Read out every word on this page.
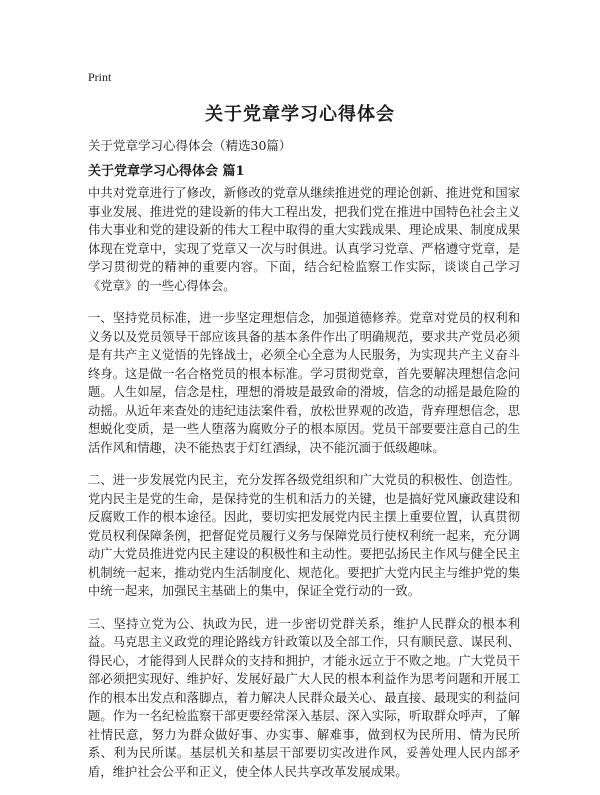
Print
关于党章学习心得体会

关于党章学习心得体会（精选30篇）

关于党章学习心得体会 篇1

中共对党章进行了修改，新修改的党章从继续推进党的理论创新、推进党和国家事业发展、推进党的建设新的伟大工程出发，把我们党在推进中国特色社会主义伟大事业和党的建设新的伟大工程中取得的重大实践成果、理论成果、制度成果体现在党章中，实现了党章又一次与时俱进。认真学习党章、严格遵守党章，是学习贯彻党的精神的重要内容。下面，结合纪检监察工作实际，谈谈自己学习《党章》的一些心得体会。

一、坚持党员标准，进一步坚定理想信念，加强道德修养。党章对党员的权利和义务以及党员领导干部应该具备的基本条件作出了明确规范，要求共产党员必须是有共产主义觉悟的先锋战士，必须全心全意为人民服务，为实现共产主义奋斗终身。这是做一名合格党员的根本标准。学习贯彻党章，首先要解决理想信念问题。人生如屋，信念是柱，理想的滑坡是最致命的滑坡，信念的动摇是最危险的动摇。从近年来查处的违纪违法案件看，放松世界观的改造，背弃理想信念，思想蜕化变质，是一些人堕落为腐败分子的根本原因。党员干部要要注意自己的生活作风和情趣，决不能热衷于灯红酒绿，决不能沉湎于低级趣味。

二、进一步发展党内民主，充分发挥各级党组织和广大党员的积极性、创造性。党内民主是党的生命，是保持党的生机和活力的关键，也是搞好党风廉政建设和反腐败工作的根本途径。因此，要切实把发展党内民主摆上重要位置，认真贯彻党员权利保障条例，把督促党员履行义务与保障党员行使权利统一起来，充分调动广大党员推进党内民主建设的积极性和主动性。要把弘扬民主作风与健全民主机制统一起来，推动党内生活制度化、规范化。要把扩大党内民主与维护党的集中统一起来，加强民主基础上的集中，保证全党行动的一致。

三、坚持立党为公、执政为民，进一步密切党群关系，维护人民群众的根本利益。马克思主义政党的理论路线方针政策以及全部工作，只有顺民意、谋民利、得民心，才能得到人民群众的支持和拥护，才能永远立于不败之地。广大党员干部必须把实现好、维护好、发展好最广大人民的根本利益作为思考问题和开展工作的根本出发点和落脚点，着力解决人民群众最关心、最直接、最现实的利益问题。作为一名纪检监察干部更要经常深入基层、深入实际，听取群众呼声，了解社情民意，努力为群众做好事、办实事、解难事，做到权为民所用、情为民所系、利为民所谋。基层机关和基层干部要切实改进作风，妥善处理人民内部矛盾，维护社会公平和正义，使全体人民共享改革发展成果。
